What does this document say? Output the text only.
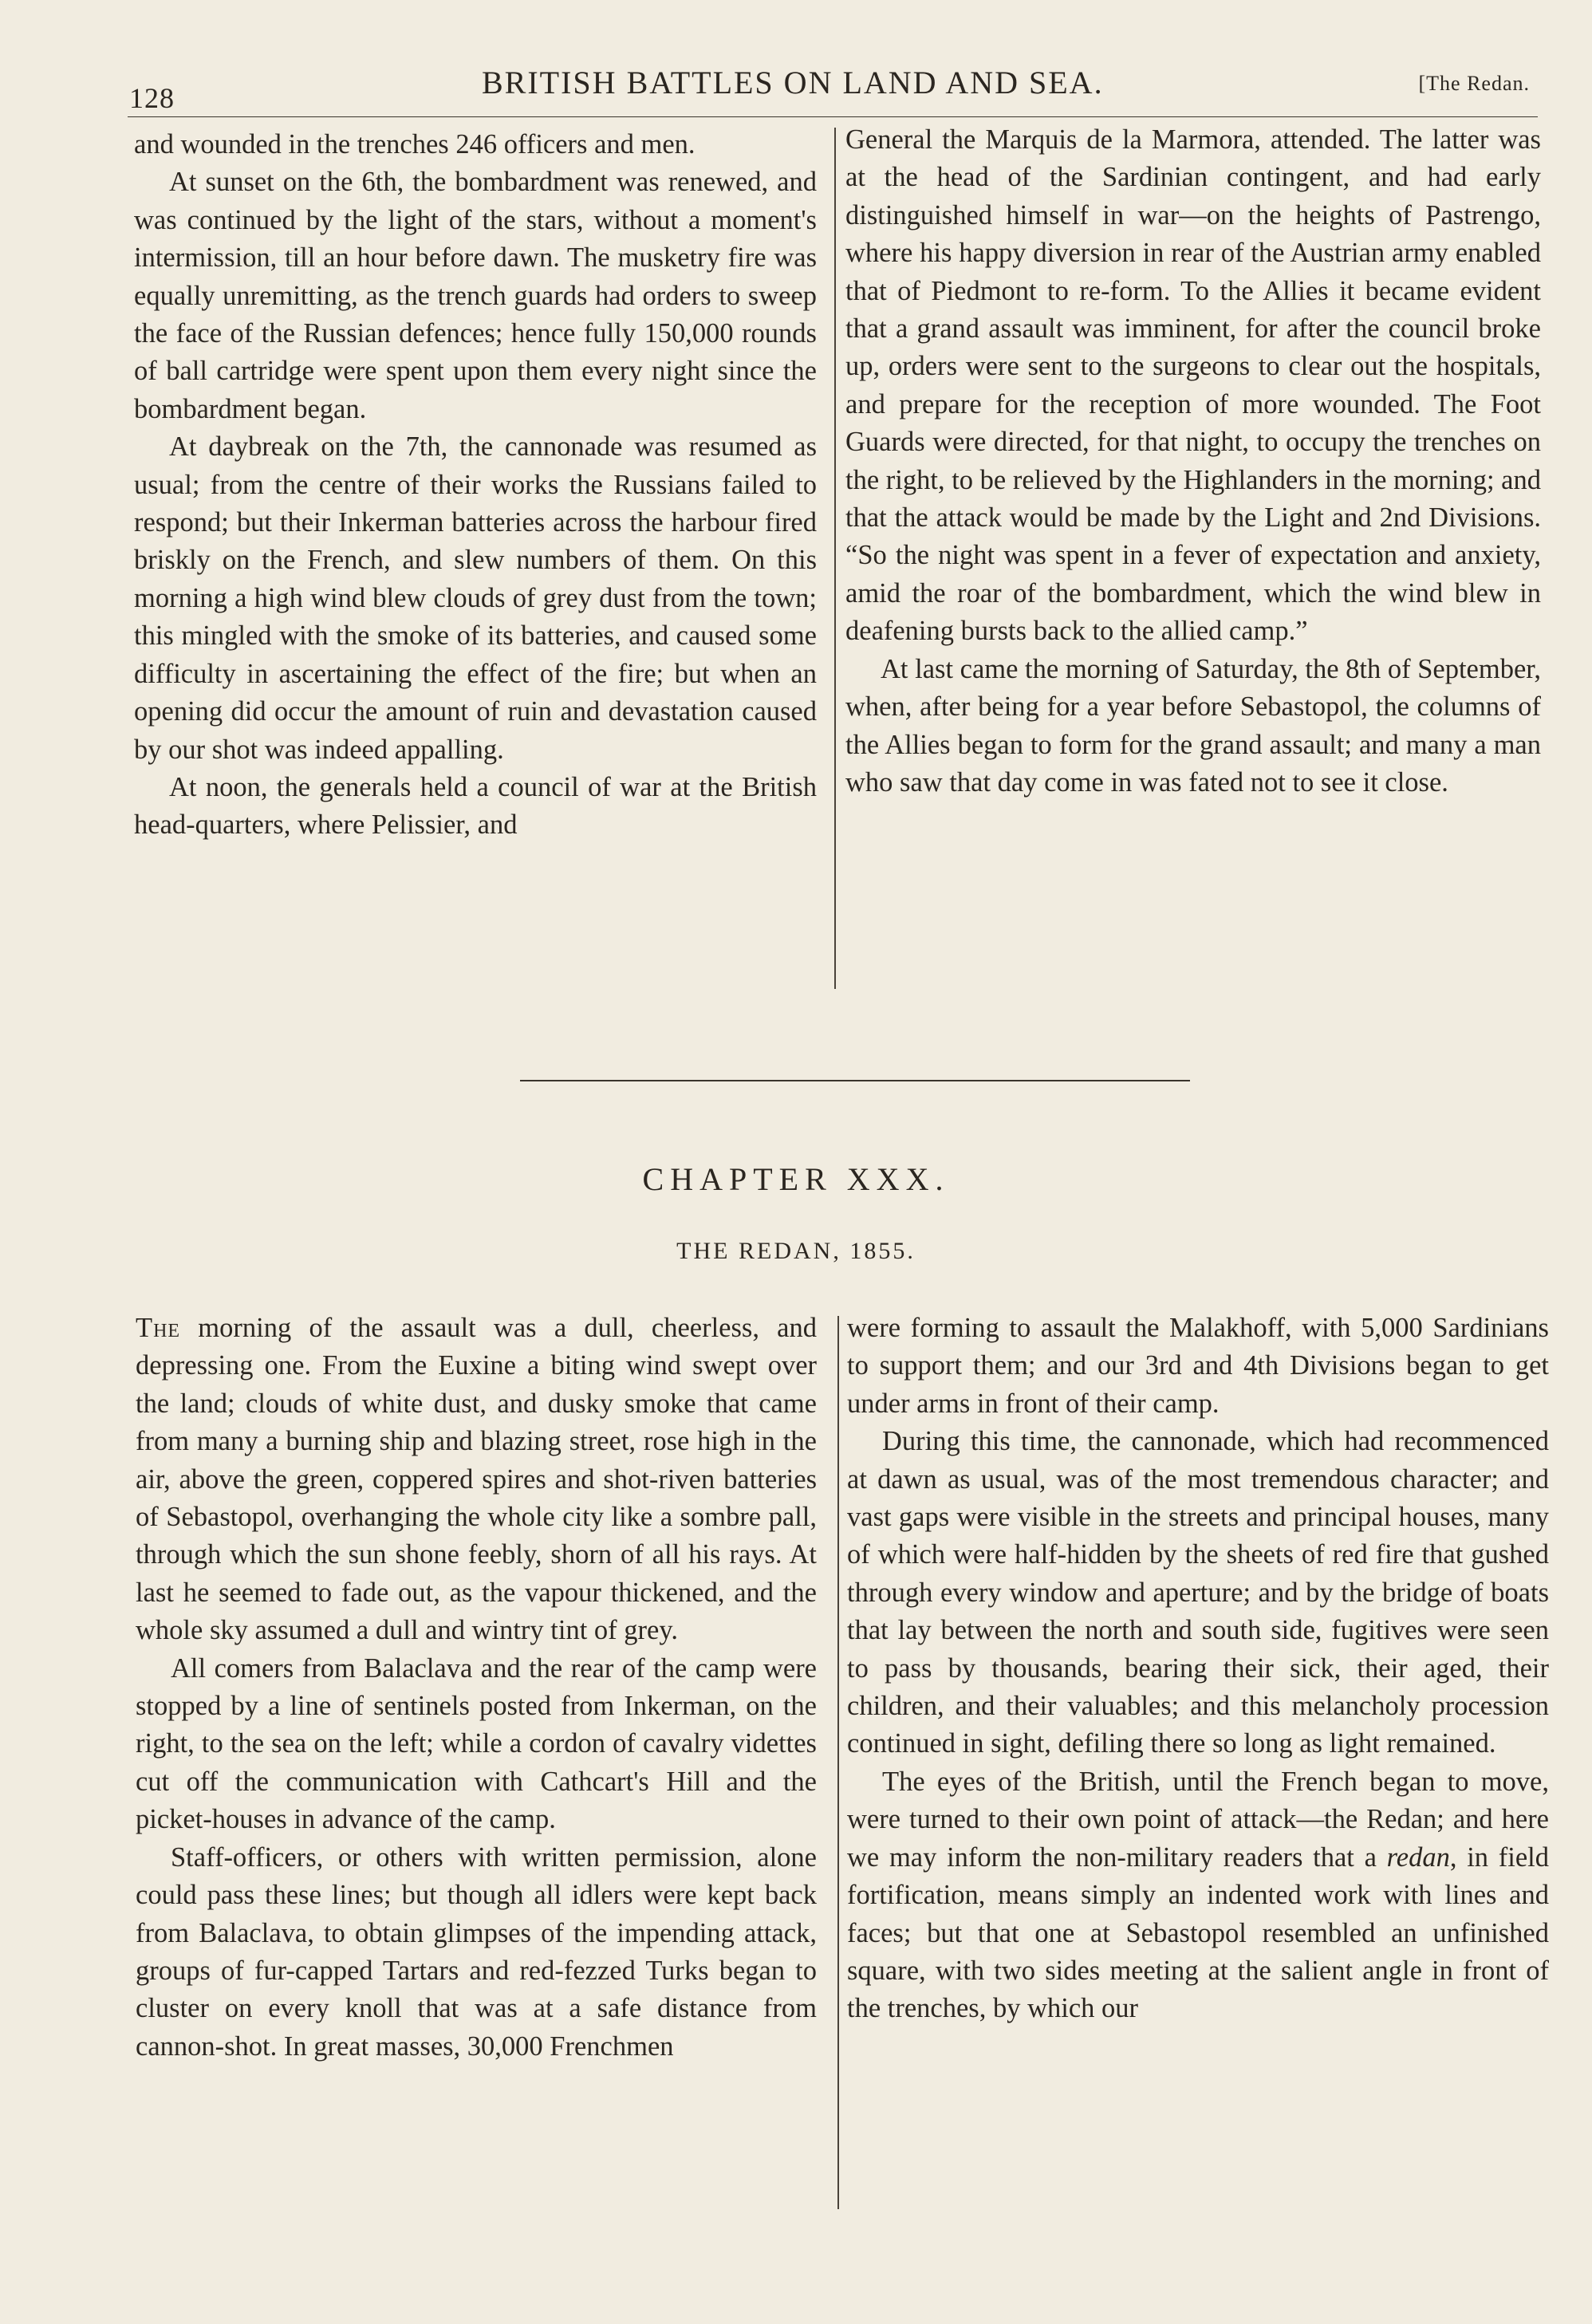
128	BRITISH BATTLES ON LAND AND SEA.	[The Redan.

and wounded in the trenches 246 officers and men.

At sunset on the 6th, the bombardment was renewed, and was continued by the light of the stars, without a moment's intermission, till an hour before dawn. The musketry fire was equally unremitting, as the trench guards had orders to sweep the face of the Russian defences; hence fully 150,000 rounds of ball cartridge were spent upon them every night since the bombardment began.

At daybreak on the 7th, the cannonade was resumed as usual; from the centre of their works the Russians failed to respond; but their Inkerman batteries across the harbour fired briskly on the French, and slew numbers of them. On this morning a high wind blew clouds of grey dust from the town; this mingled with the smoke of its batteries, and caused some difficulty in ascertaining the effect of the fire; but when an opening did occur the amount of ruin and devastation caused by our shot was indeed appalling.

At noon, the generals held a council of war at the British head-quarters, where Pelissier, and

General the Marquis de la Marmora, attended. The latter was at the head of the Sardinian contingent, and had early distinguished himself in war—on the heights of Pastrengo, where his happy diversion in rear of the Austrian army enabled that of Piedmont to re-form. To the Allies it became evident that a grand assault was imminent, for after the council broke up, orders were sent to the surgeons to clear out the hospitals, and prepare for the reception of more wounded. The Foot Guards were directed, for that night, to occupy the trenches on the right, to be relieved by the Highlanders in the morning; and that the attack would be made by the Light and 2nd Divisions. “So the night was spent in a fever of expectation and anxiety, amid the roar of the bombardment, which the wind blew in deafening bursts back to the allied camp.”

At last came the morning of Saturday, the 8th of September, when, after being for a year before Sebastopol, the columns of the Allies began to form for the grand assault; and many a man who saw that day come in was fated not to see it close.

CHAPTER XXX.
THE REDAN, 1855.

The morning of the assault was a dull, cheerless, and depressing one. From the Euxine a biting wind swept over the land; clouds of white dust, and dusky smoke that came from many a burning ship and blazing street, rose high in the air, above the green, coppered spires and shot-riven batteries of Sebastopol, overhanging the whole city like a sombre pall, through which the sun shone feebly, shorn of all his rays. At last he seemed to fade out, as the vapour thickened, and the whole sky assumed a dull and wintry tint of grey.

All comers from Balaclava and the rear of the camp were stopped by a line of sentinels posted from Inkerman, on the right, to the sea on the left; while a cordon of cavalry videttes cut off the communication with Cathcart's Hill and the picket-houses in advance of the camp.

Staff-officers, or others with written permission, alone could pass these lines; but though all idlers were kept back from Balaclava, to obtain glimpses of the impending attack, groups of fur-capped Tartars and red-fezzed Turks began to cluster on every knoll that was at a safe distance from cannon-shot. In great masses, 30,000 Frenchmen

were forming to assault the Malakhoff, with 5,000 Sardinians to support them; and our 3rd and 4th Divisions began to get under arms in front of their camp.

During this time, the cannonade, which had recommenced at dawn as usual, was of the most tremendous character; and vast gaps were visible in the streets and principal houses, many of which were half-hidden by the sheets of red fire that gushed through every window and aperture; and by the bridge of boats that lay between the north and south side, fugitives were seen to pass by thousands, bearing their sick, their aged, their children, and their valuables; and this melancholy procession continued in sight, defiling there so long as light remained.

The eyes of the British, until the French began to move, were turned to their own point of attack—the Redan; and here we may inform the non-military readers that a redan, in field fortification, means simply an indented work with lines and faces; but that one at Sebastopol resembled an unfinished square, with two sides meeting at the salient angle in front of the trenches, by which our
